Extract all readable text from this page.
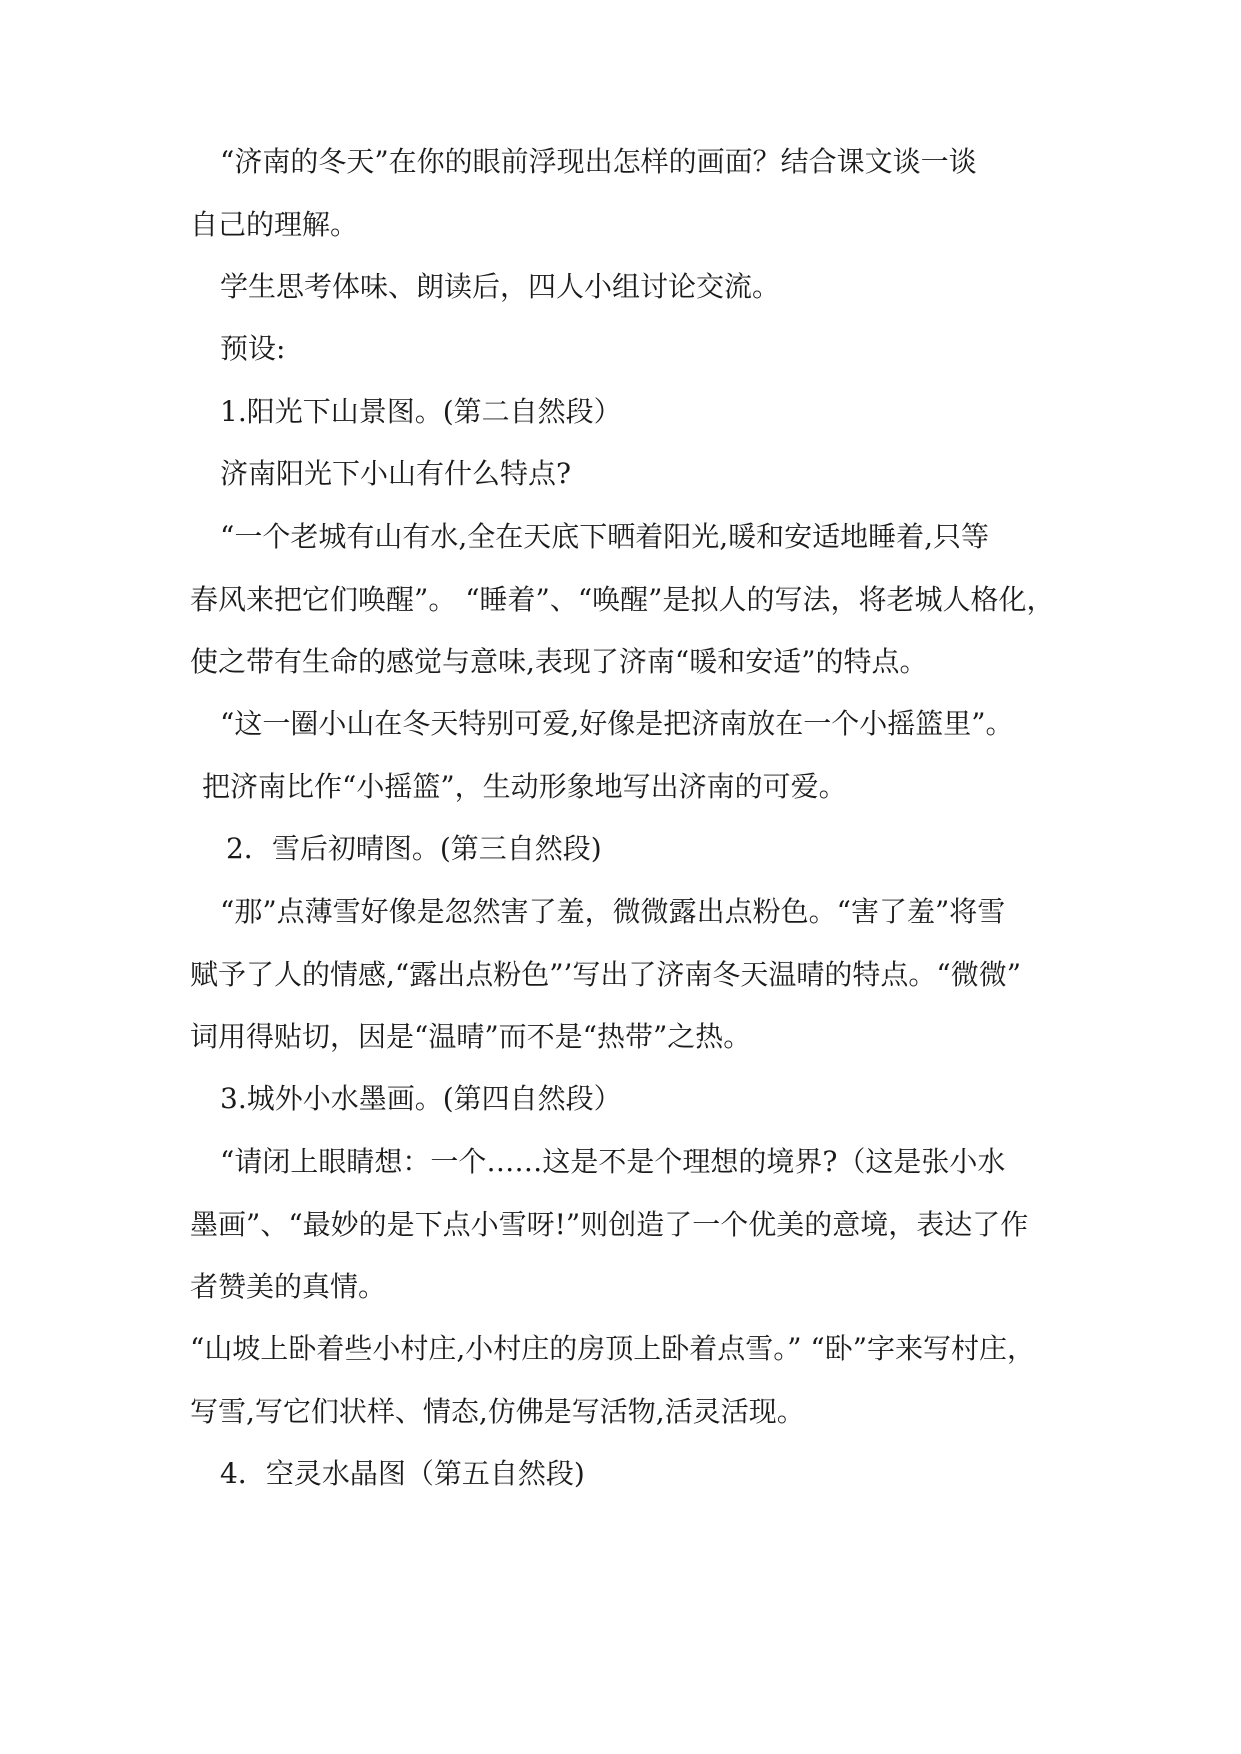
“济南的冬天”在你的眼前浮现出怎样的画面？结合课文谈一谈
自己的理解。
学生思考体味、朗读后，四人小组讨论交流。
预设:
1.阳光下山景图。(第二自然段）
济南阳光下小山有什么特点?
“一个老城有山有水,全在天底下晒着阳光,暖和安适地睡着,只等
春风来把它们唤醒”。 “睡着”、“唤醒”是拟人的写法，将老城人格化，
使之带有生命的感觉与意味,表现了济南“暖和安适”的特点。
“这一圈小山在冬天特别可爱,好像是把济南放在一个小摇篮里”。
把济南比作“小摇篮”，生动形象地写出济南的可爱。
2．雪后初晴图。(第三自然段)
“那”点薄雪好像是忽然害了羞，微微露出点粉色。“害了羞”将雪
赋予了人的情感,“露出点粉色”’写出了济南冬天温晴的特点。“微微”
词用得贴切，因是“温晴”而不是“热带”之热。
3.城外小水墨画。(第四自然段）
“请闭上眼睛想：一个……这是不是个理想的境界?（这是张小水
墨画”、“最妙的是下点小雪呀!”则创造了一个优美的意境，表达了作
者赞美的真情。
“山坡上卧着些小村庄,小村庄的房顶上卧着点雪。” “卧”字来写村庄，
写雪,写它们状样、情态,仿佛是写活物,活灵活现。
4．空灵水晶图（第五自然段)
